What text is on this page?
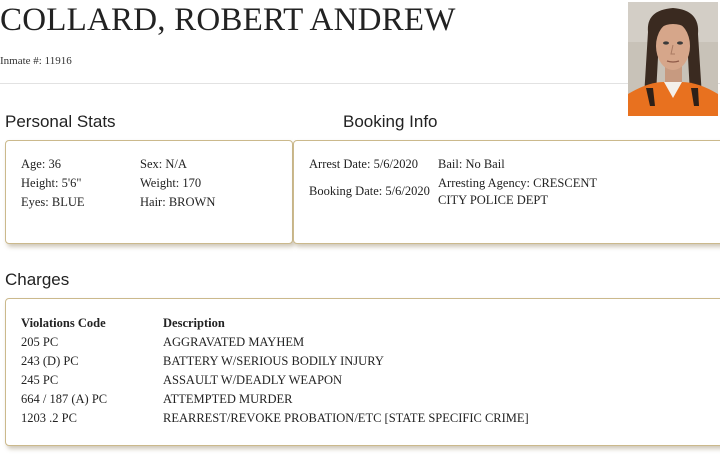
COLLARD, ROBERT ANDREW
Inmate #: 11916
Personal Stats	Booking Info
Age: 36
Height: 5'6"
Eyes: BLUE
Sex: N/A
Weight: 170
Hair: BROWN
Arrest Date: 5/6/2020
Booking Date: 5/6/2020
Bail: No Bail
Arresting Agency: CRESCENT CITY POLICE DEPT
Charges
Violations Code	Description
205 PC	AGGRAVATED MAYHEM
243 (D) PC	BATTERY W/SERIOUS BODILY INJURY
245 PC	ASSAULT W/DEADLY WEAPON
664 / 187 (A) PC	ATTEMPTED MURDER
1203 .2 PC	REARREST/REVOKE PROBATION/ETC [STATE SPECIFIC CRIME]
